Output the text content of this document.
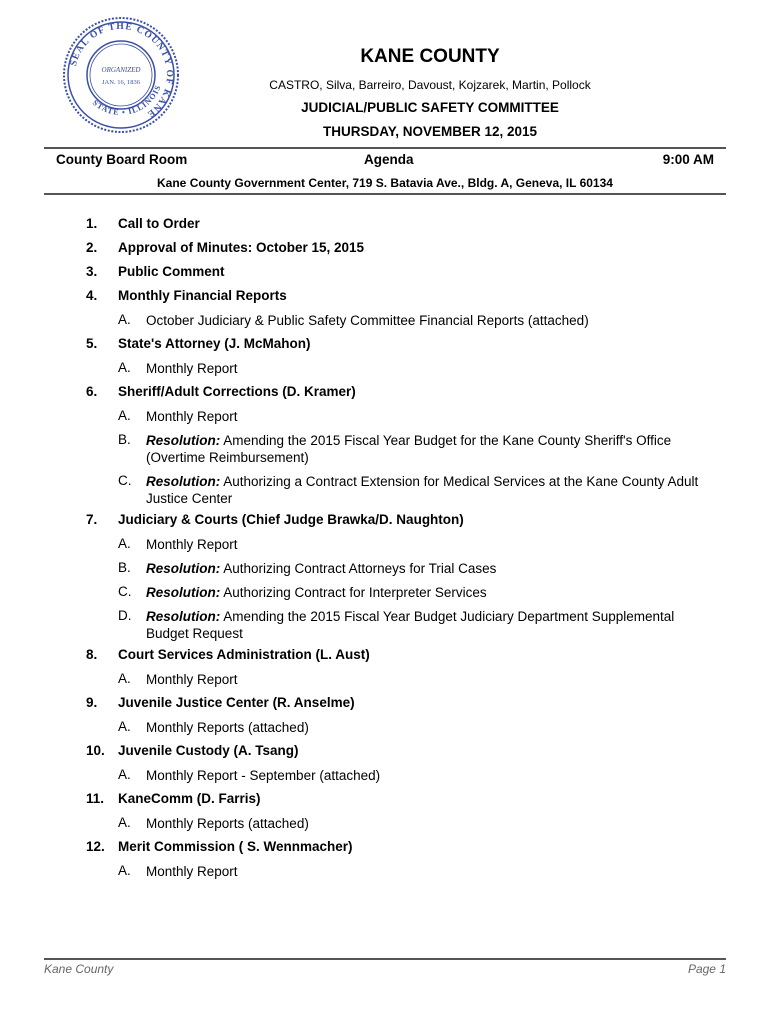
SEAL OF THE COUNTY OF KANE
STATE • ILLINOIS
ORGANIZED
JAN. 16, 1836
KANE COUNTY
CASTRO, Silva, Barreiro, Davoust, Kojzarek, Martin, Pollock
JUDICIAL/PUBLIC SAFETY COMMITTEE
THURSDAY, NOVEMBER 12, 2015
County Board Room	Agenda	9:00 AM
Kane County Government Center, 719 S. Batavia Ave., Bldg. A, Geneva, IL 60134
1.	Call to Order
2.	Approval of Minutes: October 15, 2015
3.	Public Comment
4.	Monthly Financial Reports
A.	October Judiciary & Public Safety Committee Financial Reports (attached)
5.	State's Attorney (J. McMahon)
A.	Monthly Report
6.	Sheriff/Adult Corrections (D. Kramer)
A.	Monthly Report
B.	Resolution: Amending the 2015 Fiscal Year Budget for the Kane County Sheriff's Office (Overtime Reimbursement)
C.	Resolution: Authorizing a Contract Extension for Medical Services at the Kane County Adult Justice Center
7.	Judiciary & Courts (Chief Judge Brawka/D. Naughton)
A.	Monthly Report
B.	Resolution: Authorizing Contract Attorneys for Trial Cases
C.	Resolution: Authorizing Contract for Interpreter Services
D.	Resolution: Amending the 2015 Fiscal Year Budget Judiciary Department Supplemental Budget Request
8.	Court Services Administration (L. Aust)
A.	Monthly Report
9.	Juvenile Justice Center (R. Anselme)
A.	Monthly Reports (attached)
10. Juvenile Custody (A. Tsang)
A.	Monthly Report - September (attached)
11.	KaneComm (D. Farris)
A.	Monthly Reports (attached)
12. Merit Commission ( S. Wennmacher)
A.	Monthly Report
Kane County	Page 1
